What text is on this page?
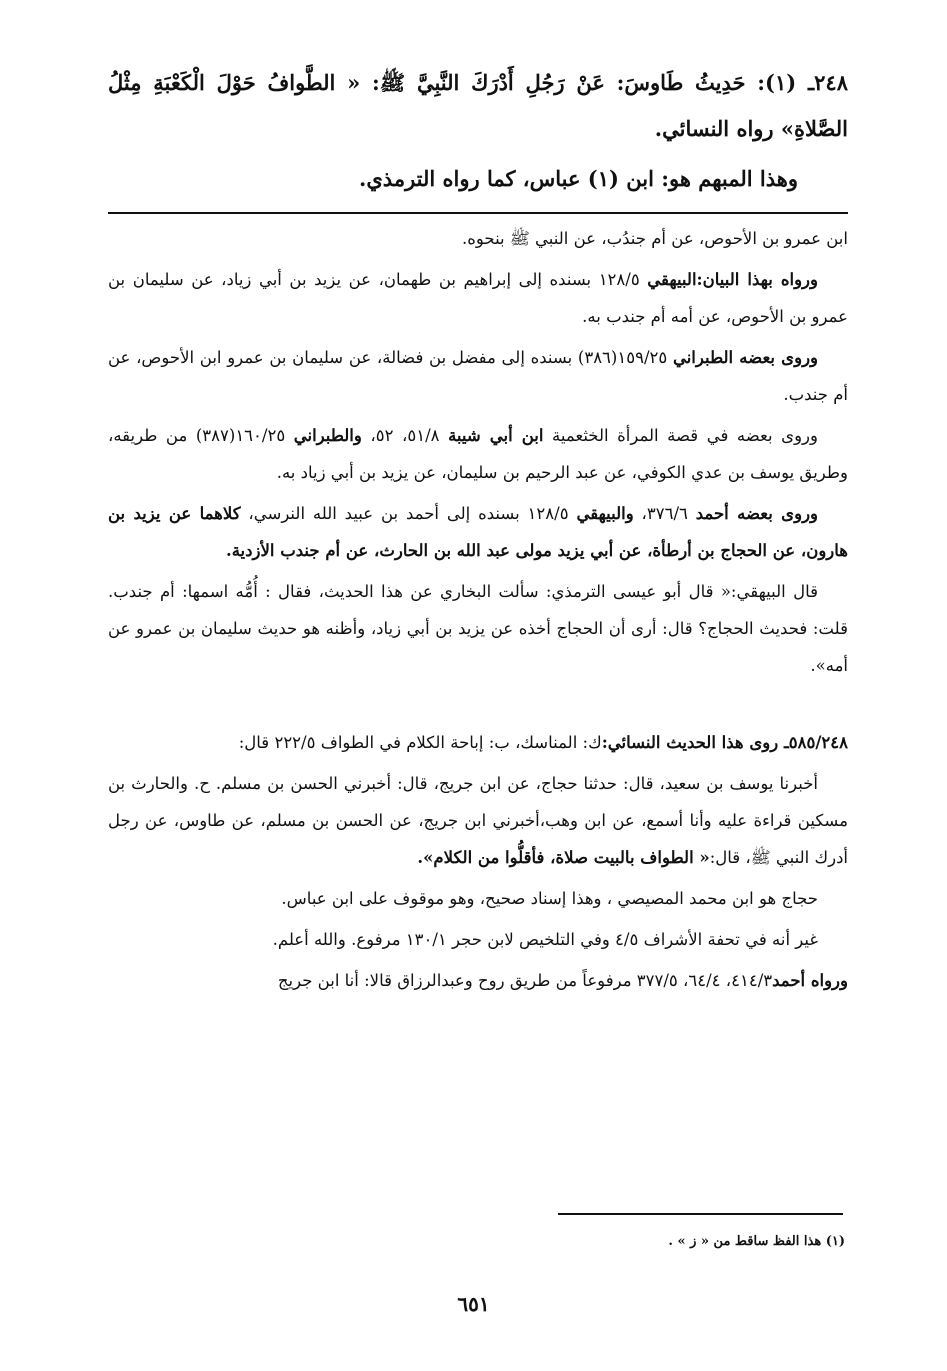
٢٤٨ـ (١): حَدِيثُ طَاوسَ: عَنْ رَجُلِ أَدْرَكَ النَّبِيَّ ﷺ: « الطَّوافُ حَوْلَ الْكَعْبَةِ مِثْلُ الصَّلاةِ» رواه النسائي.

وهذا المبهم هو: ابن (١) عباس، كما رواه الترمذي.

ابن عمرو بن الأحوص، عن أم جندُب، عن النبي ﷺ بنحوه.

ورواه بهذا البيان:البيهقي ١٢٨/٥ بسنده إلى إبراهيم بن طهمان، عن يزيد بن أبي زياد، عن سليمان بن عمرو بن الأحوص، عن أمه أم جندب به.

وروى بعضه الطبراني ١٥٩/٢٥(٣٨٦) بسنده إلى مفضل بن فضالة، عن سليمان بن عمرو ابن الأحوص، عن أم جندب.

وروى بعضه في قصة المرأة الخثعمية ابن أبي شيبة ٥١/٨، ٥٢، والطبراني ١٦٠/٢٥(٣٨٧) من طريقه، وطريق يوسف بن عدي الكوفي، عن عبد الرحيم بن سليمان، عن يزيد بن أبي زياد به.

وروى بعضه أحمد ٣٧٦/٦، والبيهقي ١٢٨/٥ بسنده إلى أحمد بن عبيد الله النرسي، كلاهما عن يزيد بن هارون، عن الحجاج بن أرطأة، عن أبي يزيد مولى عبد الله بن الحارث، عن أم جندب الأزدية.

قال البيهقي:« قال أبو عيسى الترمذي: سألت البخاري عن هذا الحديث، فقال : أُمُّه اسمها: أم جندب. قلت: فحديث الحجاج؟ قال: أرى أن الحجاج أخذه عن يزيد بن أبي زياد، وأظنه هو حديث سليمان بن عمرو عن أمه».

٥٨٥/٢٤٨ـ روى هذا الحديث النسائي:ك: المناسك، ب: إباحة الكلام في الطواف ٢٢٢/٥ قال:

أخبرنا يوسف بن سعيد، قال: حدثنا حجاج، عن ابن جريج، قال: أخبرني الحسن بن مسلم. ح. والحارث بن مسكين قراءة عليه وأنا أسمع، عن ابن وهب،أخبرني ابن جريج، عن الحسن بن مسلم، عن طاوس، عن رجل أدرك النبي ﷺ، قال:« الطواف بالبيت صلاة، فأقلُّوا من الكلام».

حجاج هو ابن محمد المصيصي ، وهذا إسناد صحيح، وهو موقوف على ابن عباس.

غير أنه في تحفة الأشراف ٤/٥ وفي التلخيص لابن حجر ١٣٠/١ مرفوع. والله أعلم.

ورواه أحمد٤١٤/٣، ٦٤/٤، ٣٧٧/٥ مرفوعاً من طريق روح وعبدالرزاق قالا: أنا ابن جريج

(١) هذا الفظ ساقط من « ز » .
٦٥١
